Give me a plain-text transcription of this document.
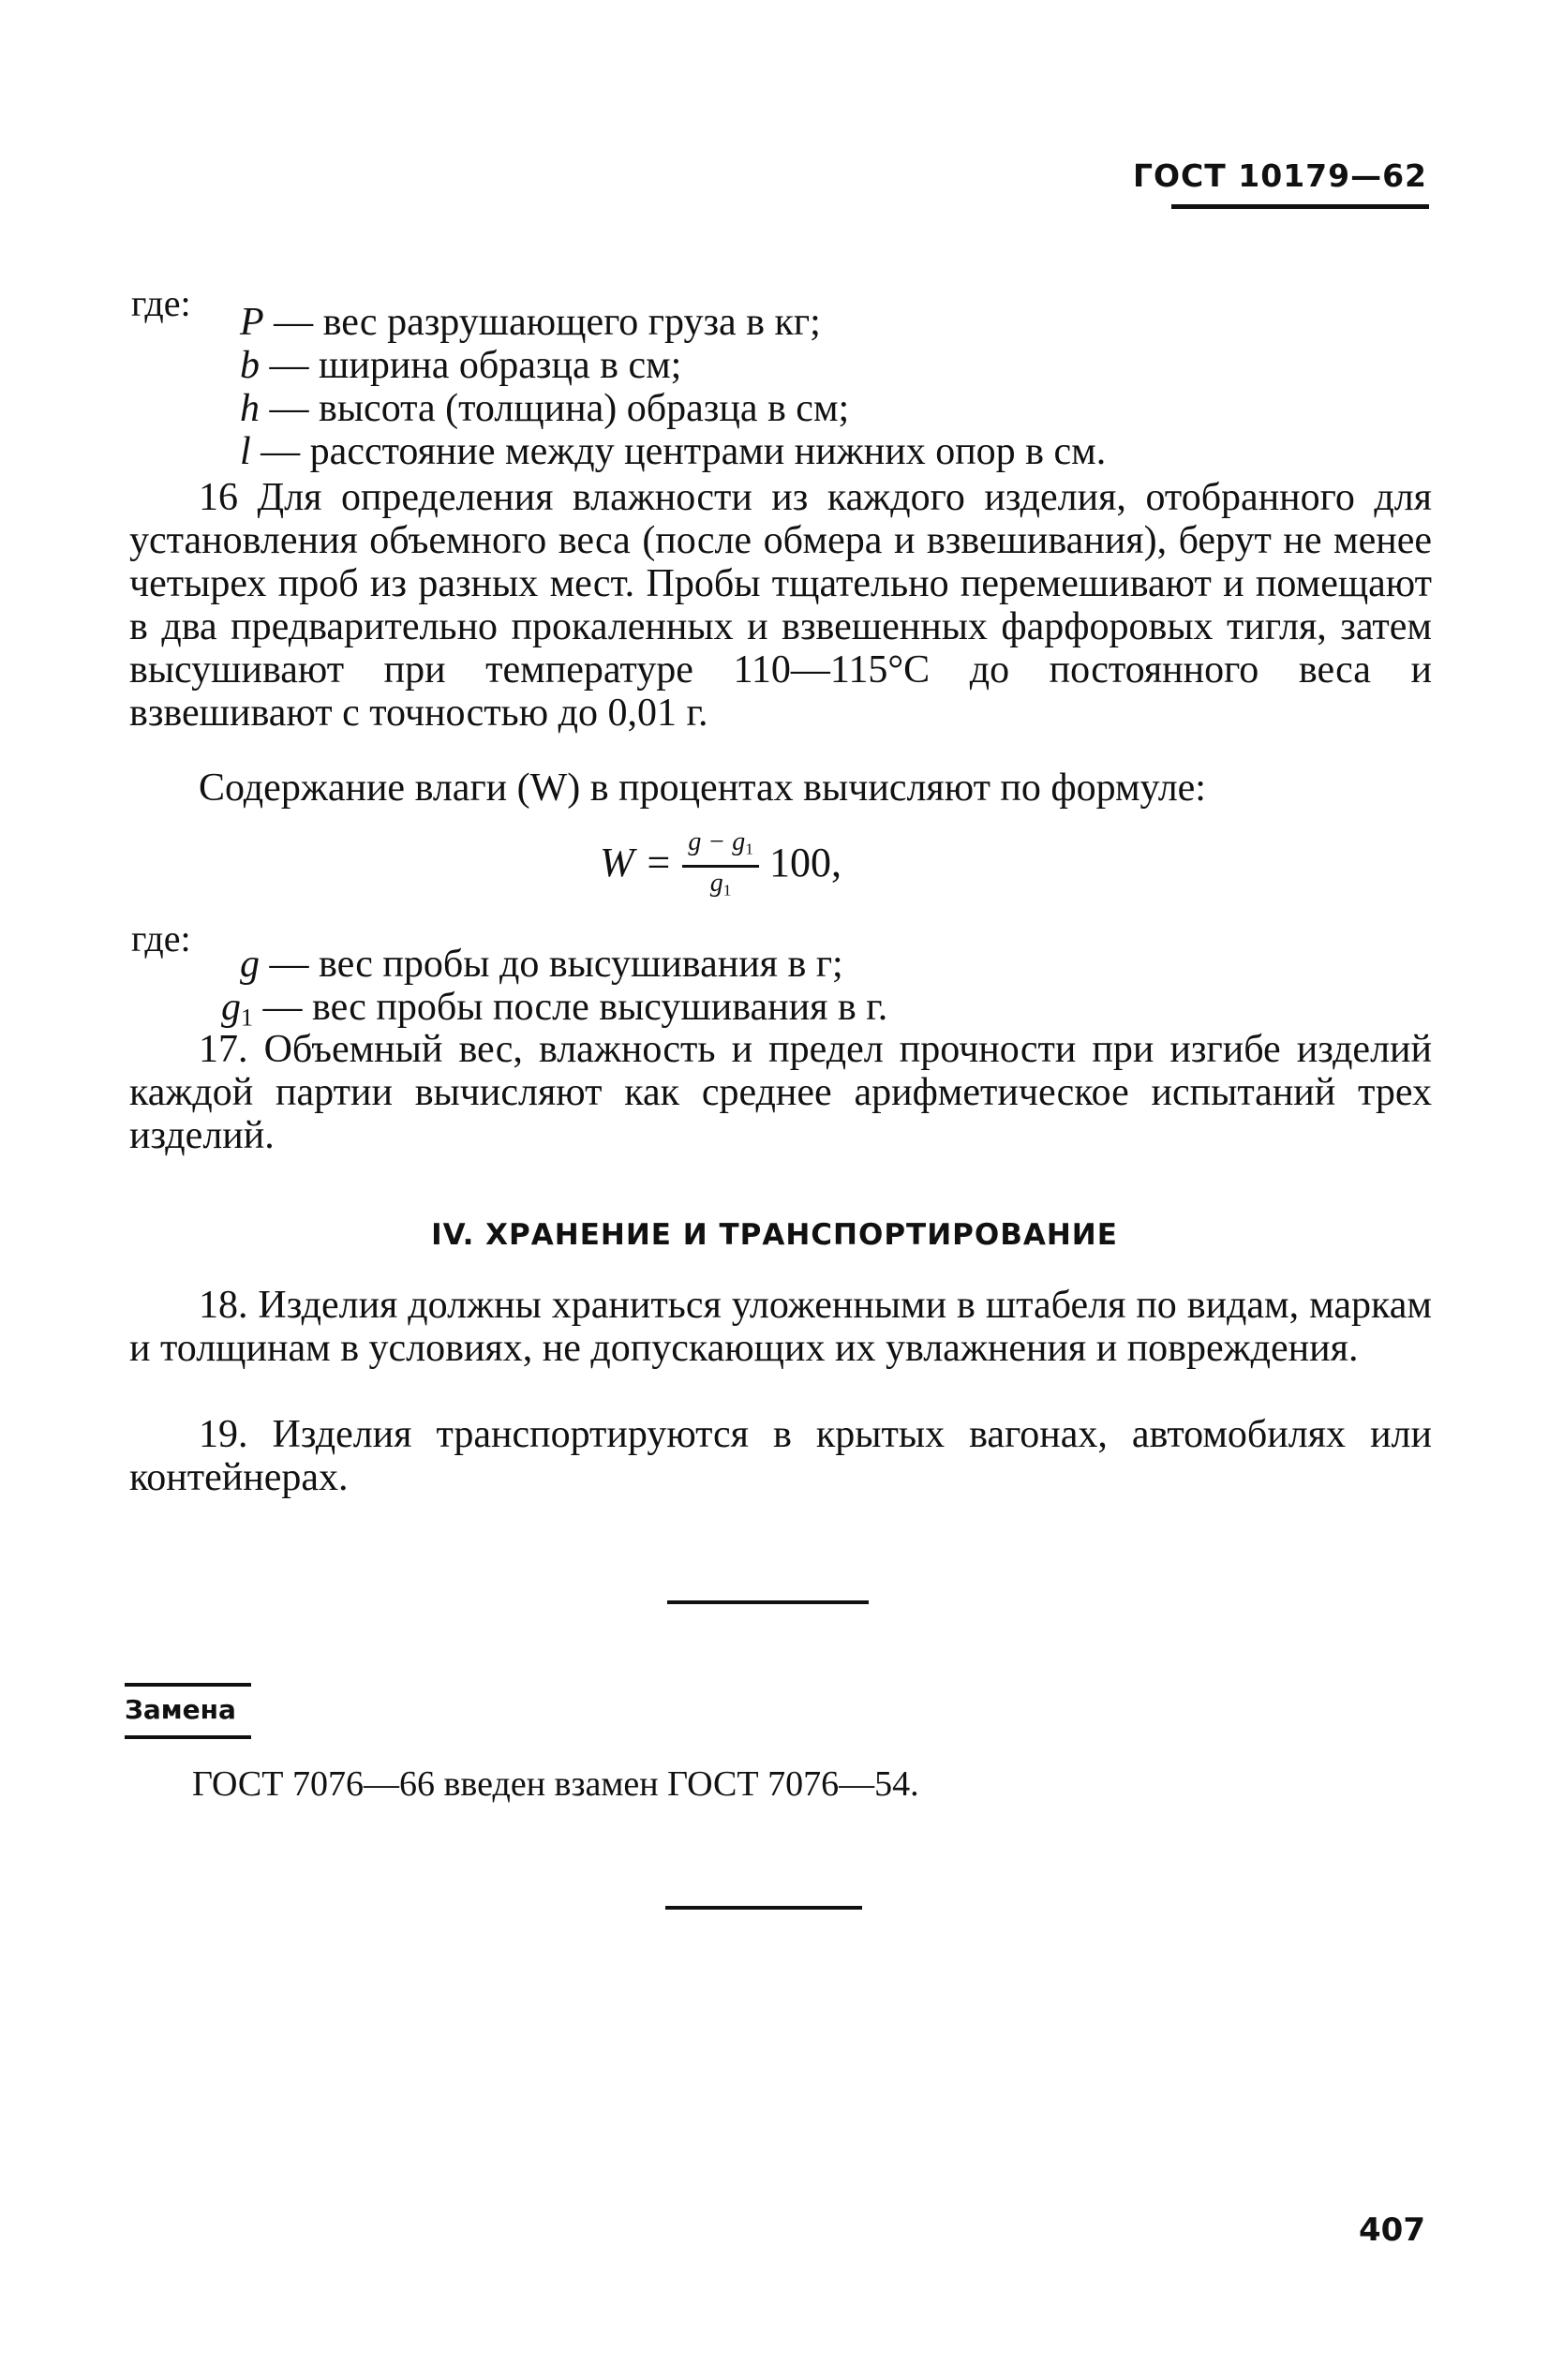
ГОСТ 10179—62
где: P — вес разрушающего груза в кг;
b — ширина образца в см;
h — высота (толщина) образца в см;
l — расстояние между центрами нижних опор в см.
16 Для определения влажности из каждого изделия, отобранного для установления объемного веса (после обмера и взвешивания), берут не менее четырех проб из разных мест. Пробы тщательно перемешивают и помещают в два предварительно прокаленных и взвешенных фарфоровых тигля, затем высушивают при температуре 110—115°С до постоянного веса и взвешивают с точностью до 0,01 г.
Содержание влаги (W) в процентах вычисляют по формуле:
$W = \frac{g - g_1}{g_1} 100$,
где:
g — вес пробы до высушивания в г;
$g_1$ — вес пробы после высушивания в г.
17. Объемный вес, влажность и предел прочности при изгибе изделий каждой партии вычисляют как среднее арифметическое испытаний трех изделий.
IV. ХРАНЕНИЕ И ТРАНСПОРТИРОВАНИЕ
18. Изделия должны храниться уложенными в штабеля по видам, маркам и толщинам в условиях, не допускающих их увлажнения и повреждения.
19. Изделия транспортируются в крытых вагонах, автомобилях или контейнерах.
Замена
ГОСТ 7076—66 введен взамен ГОСТ 7076—54.
407
